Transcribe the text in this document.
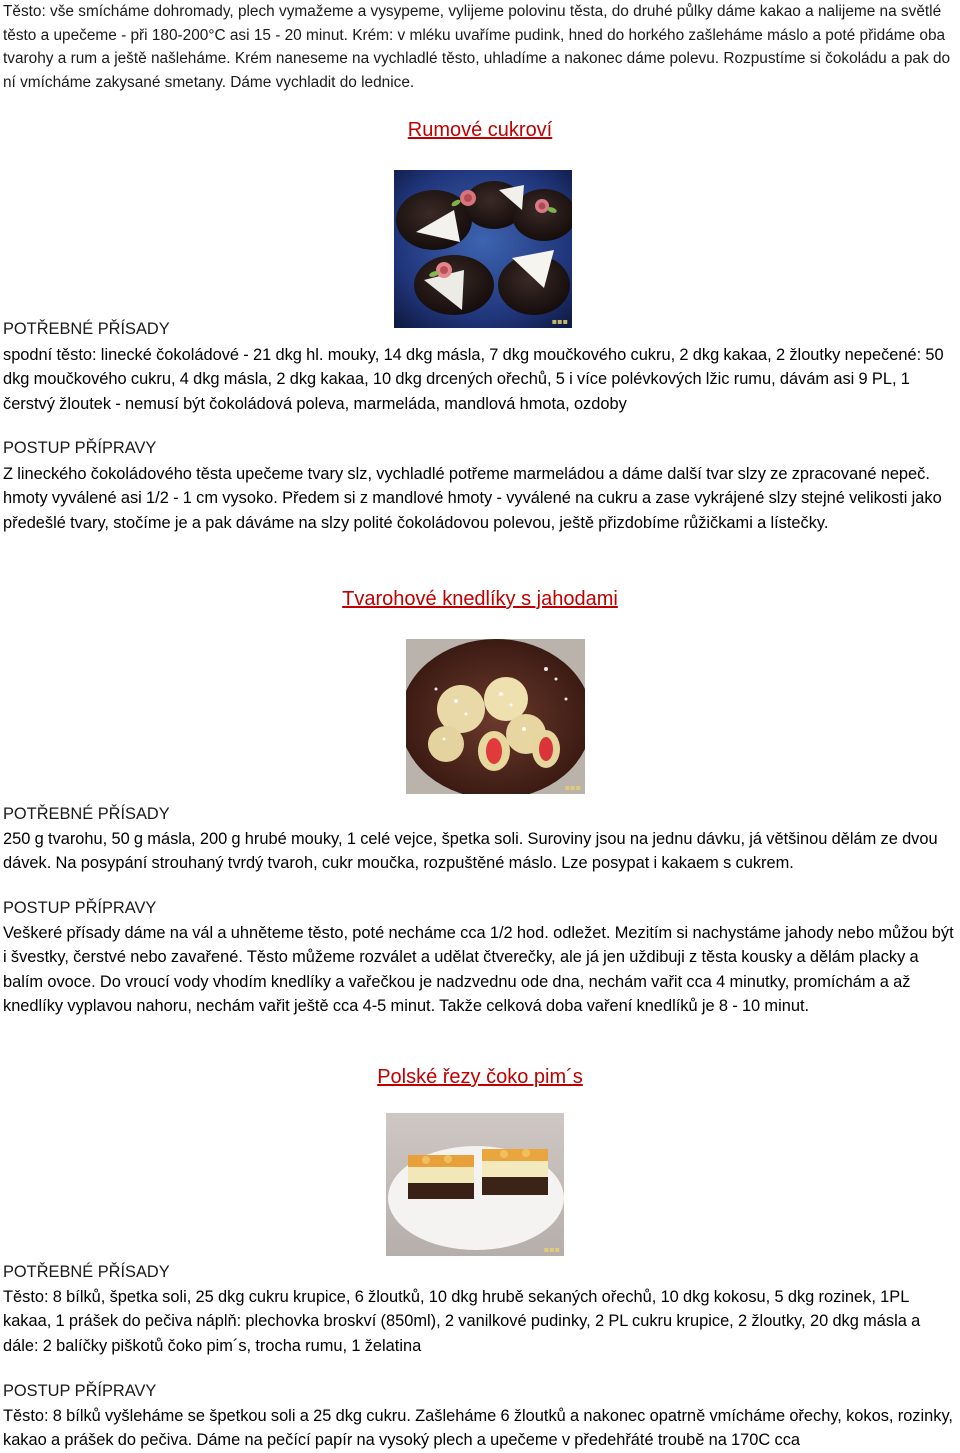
Těsto: vše smícháme dohromady, plech vymažeme a vysypeme, vylijeme polovinu těsta, do druhé půlky dáme kakao a nalijeme na světlé těsto a upečeme - při 180-200°C asi 15 - 20 minut. Krém: v mléku uvaříme pudink, hned do horkého zašleháme máslo a poté přidáme oba tvarohy a rum a ještě našleháme. Krém naneseme na vychladlé těsto, uhladíme a nakonec dáme polevu. Rozpustíme si čokoládu a pak do ní vmícháme zakysané smetany. Dáme vychladit do lednice.

Rumové cukroví
▪▪▪
POTŘEBNÉ PŘÍSADY

spodní těsto: linecké čokoládové - 21 dkg hl. mouky, 14 dkg másla, 7 dkg moučkového cukru, 2 dkg kakaa, 2 žloutky nepečené: 50 dkg moučkového cukru, 4 dkg másla, 2 dkg kakaa, 10 dkg drcených ořechů, 5 i více polévkových lžic rumu, dávám asi 9 PL, 1 čerstvý žloutek - nemusí být čokoládová poleva, marmeláda, mandlová hmota, ozdoby

POSTUP PŘÍPRAVY

Z lineckého čokoládového těsta upečeme tvary slz, vychladlé potřeme marmeládou a dáme další tvar slzy ze zpracované nepeč. hmoty vyválené asi 1/2 - 1 cm vysoko. Předem si z mandlové hmoty - vyválené na cukru a zase vykrájené slzy stejné velikosti jako předešlé tvary, stočíme je a pak dáváme na slzy polité čokoládovou polevou, ještě přizdobíme růžičkami a lístečky.

Tvarohové knedlíky s jahodami
▪▪▪
POTŘEBNÉ PŘÍSADY

250 g tvarohu, 50 g másla, 200 g hrubé mouky, 1 celé vejce, špetka soli. Suroviny jsou na jednu dávku, já většinou dělám ze dvou dávek. Na posypání strouhaný tvrdý tvaroh, cukr moučka, rozpuštěné máslo. Lze posypat i kakaem s cukrem.

POSTUP PŘÍPRAVY

Veškeré přísady dáme na vál a uhněteme těsto, poté necháme cca 1/2 hod. odležet. Mezitím si nachystáme jahody nebo můžou být i švestky, čerstvé nebo zavařené. Těsto můžeme rozválet a udělat čtverečky, ale já jen uždibuji z těsta kousky a dělám placky a balím ovoce. Do vroucí vody vhodím knedlíky a vařečkou je nadzvednu ode dna, nechám vařit cca 4 minutky, promíchám a až knedlíky vyplavou nahoru, nechám vařit ještě cca 4-5 minut. Takže celková doba vaření knedlíků je 8 - 10 minut.

Polské řezy čoko pim´s
▪▪▪
POTŘEBNÉ PŘÍSADY

Těsto: 8 bílků, špetka soli, 25 dkg cukru krupice, 6 žloutků, 10 dkg hrubě sekaných ořechů, 10 dkg kokosu, 5 dkg rozinek, 1PL kakaa, 1 prášek do pečiva náplň: plechovka broskví (850ml), 2 vanilkové pudinky, 2 PL cukru krupice, 2 žloutky, 20 dkg másla a dále: 2 balíčky piškotů čoko pim´s, trocha rumu, 1 želatina

POSTUP PŘÍPRAVY

Těsto: 8 bílků vyšleháme se špetkou soli a 25 dkg cukru. Zašleháme 6 žloutků a nakonec opatrně vmícháme ořechy, kokos, rozinky, kakao a prášek do pečiva. Dáme na pečící papír na vysoký plech a upečeme v předehřáté troubě na 170C cca
